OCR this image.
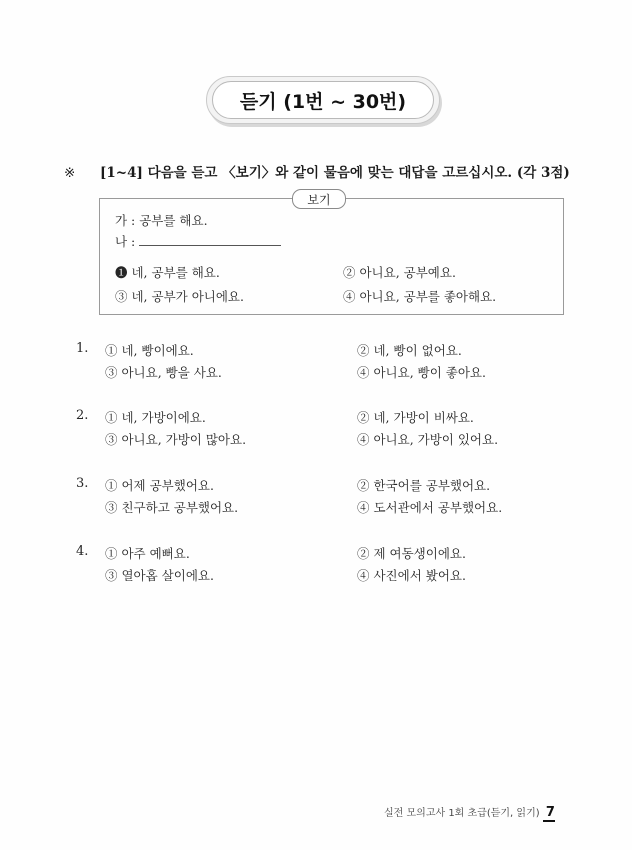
듣기 (1번 ~ 30번)
※ [1~4] 다음을 듣고 〈보기〉와 같이 물음에 맞는 대답을 고르십시오. (각 3점)
보기
가 : 공부를 해요.
나 :
❶ 네, 공부를 해요.	② 아니요, 공부예요.
③ 네, 공부가 아니에요.	④ 아니요, 공부를 좋아해요.
1. ① 네, 빵이에요.	② 네, 빵이 없어요.
③ 아니요, 빵을 사요.	④ 아니요, 빵이 좋아요.
2. ① 네, 가방이에요.	② 네, 가방이 비싸요.
③ 아니요, 가방이 많아요.	④ 아니요, 가방이 있어요.
3. ① 어제 공부했어요.	② 한국어를 공부했어요.
③ 친구하고 공부했어요.	④ 도서관에서 공부했어요.
4. ① 아주 예뻐요.	② 제 여동생이에요.
③ 열아홉 살이에요.	④ 사진에서 봤어요.
실전 모의고사 1회 초급(듣기, 읽기) 7
